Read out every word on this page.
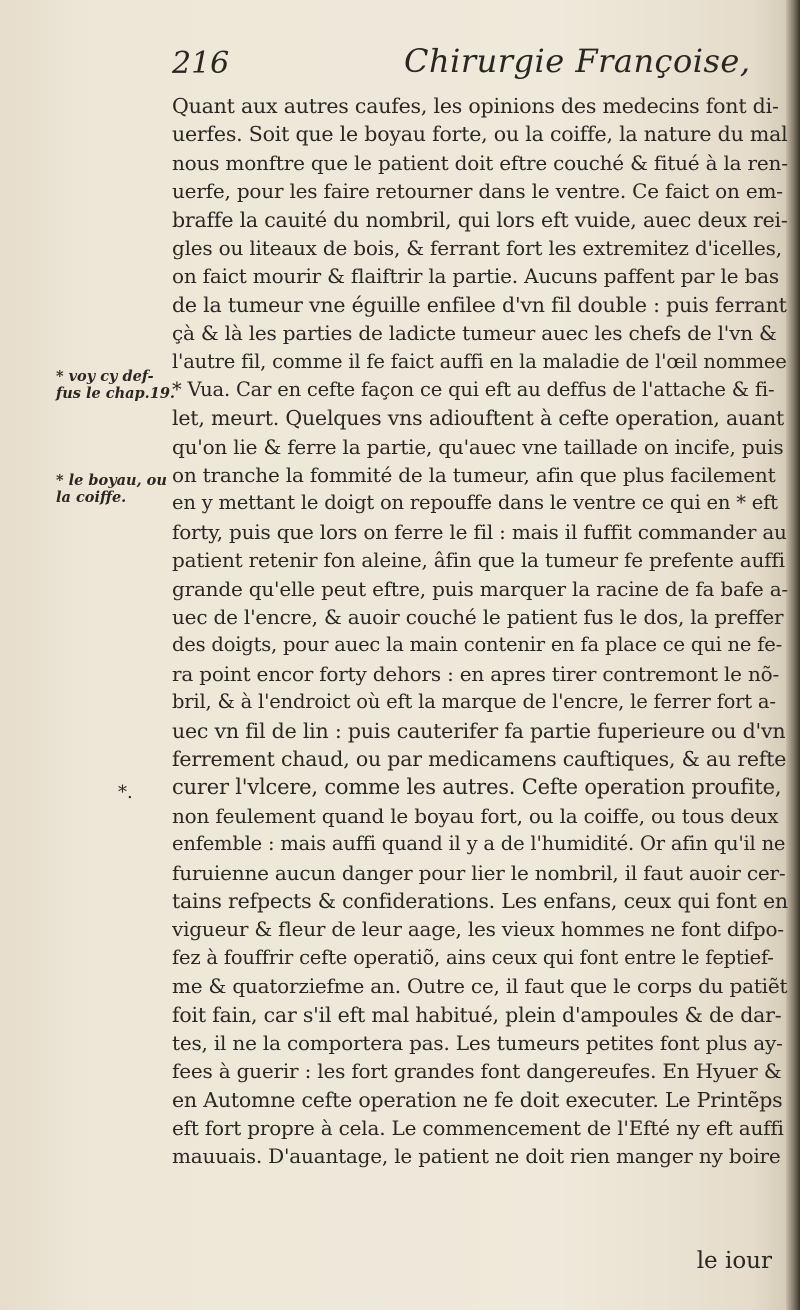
216	Chirurgie Françoise,
* voy cy def-
fus le chap.19.
* le boyau, ou
la coiffe.
*.
Quant aux autres caufes, les opinions des medecins font di-
uerfes. Soit que le boyau forte, ou la coiffe, la nature du mal
nous monftre que le patient doit eftre couché & fitué à la ren-
uerfe, pour les faire retourner dans le ventre. Ce faict on em-
braffe la cauité du nombril, qui lors eft vuide, auec deux rei-
gles ou liteaux de bois, & ferrant fort les extremitez d'icelles,
on faict mourir & flaiftrir la partie. Aucuns paffent par le bas
de la tumeur vne éguille enfilee d'vn fil double : puis ferrant
çà & là les parties de ladicte tumeur auec les chefs de l'vn &
l'autre fil, comme il fe faict auffi en la maladie de l'œil nommee
* Vua. Car en cefte façon ce qui eft au deffus de l'attache & fi-
let, meurt. Quelques vns adiouftent à cefte operation, auant
qu'on lie & ferre la partie, qu'auec vne taillade on incife, puis
on tranche la fommité de la tumeur, afin que plus facilement
en y mettant le doigt on repouffe dans le ventre ce qui en * eft
forty, puis que lors on ferre le fil : mais il fuffit commander au
patient retenir fon aleine, âfin que la tumeur fe prefente auffi
grande qu'elle peut eftre, puis marquer la racine de fa bafe a-
uec de l'encre, & auoir couché le patient fus le dos, la preffer
des doigts, pour auec la main contenir en fa place ce qui ne fe-
ra point encor forty dehors : en apres tirer contremont le nõ-
bril, & à l'endroict où eft la marque de l'encre, le ferrer fort a-
uec vn fil de lin : puis cauterifer fa partie fuperieure ou d'vn
ferrement chaud, ou par medicamens cauftiques, & au refte
curer l'vlcere, comme les autres. Cefte operation proufite,
non feulement quand le boyau fort, ou la coiffe, ou tous deux
enfemble : mais auffi quand il y a de l'humidité. Or afin qu'il ne
furuienne aucun danger pour lier le nombril, il faut auoir cer-
tains refpects & confiderations. Les enfans, ceux qui font en
vigueur & fleur de leur aage, les vieux hommes ne font difpo-
fez à fouffrir cefte operatiõ, ains ceux qui font entre le feptief-
me & quatorziefme an. Outre ce, il faut que le corps du patiẽt
foit fain, car s'il eft mal habitué, plein d'ampoules & de dar-
tes, il ne la comportera pas. Les tumeurs petites font plus ay-
fees à guerir : les fort grandes font dangereufes. En Hyuer &
en Automne cefte operation ne fe doit executer. Le Printẽps
eft fort propre à cela. Le commencement de l'Efté ny eft auffi
mauuais. D'auantage, le patient ne doit rien manger ny boire
le iour
